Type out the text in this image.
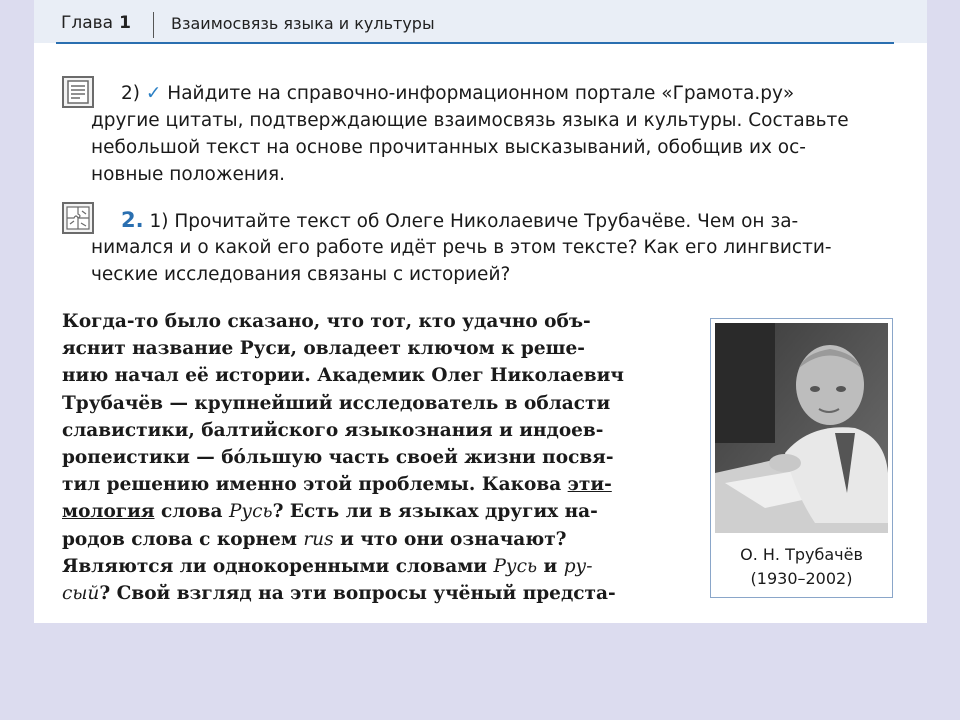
Глава 1	Взаимосвязь языка и культуры
2) ✓ Найдите на справочно-информационном портале «Грамота.ру»
другие цитаты, подтверждающие взаимосвязь языка и культуры. Составьте
небольшой текст на основе прочитанных высказываний, обобщив их ос-
новные положения.
2. 1) Прочитайте текст об Олеге Николаевиче Трубачёве. Чем он за-
нимался и о какой его работе идёт речь в этом тексте? Как его лингвисти-
ческие исследования связаны с историей?
Когда-то было сказано, что тот, кто удачно объ-
яснит название Руси, овладеет ключом к реше-
нию начал её истории. Академик Олег Николаевич
Трубачёв — крупнейший исследователь в области
славистики, балтийского языкознания и индоев-
ропеистики — бóльшую часть своей жизни посвя-
тил решению именно этой проблемы. Какова эти-
мология слова Русь? Есть ли в языках других на-
родов слова с корнем rus и что они означают?
Являются ли однокоренными словами Русь и ру-
сый? Свой взгляд на эти вопросы учёный предста-
О. Н. Трубачёв
(1930–2002)
